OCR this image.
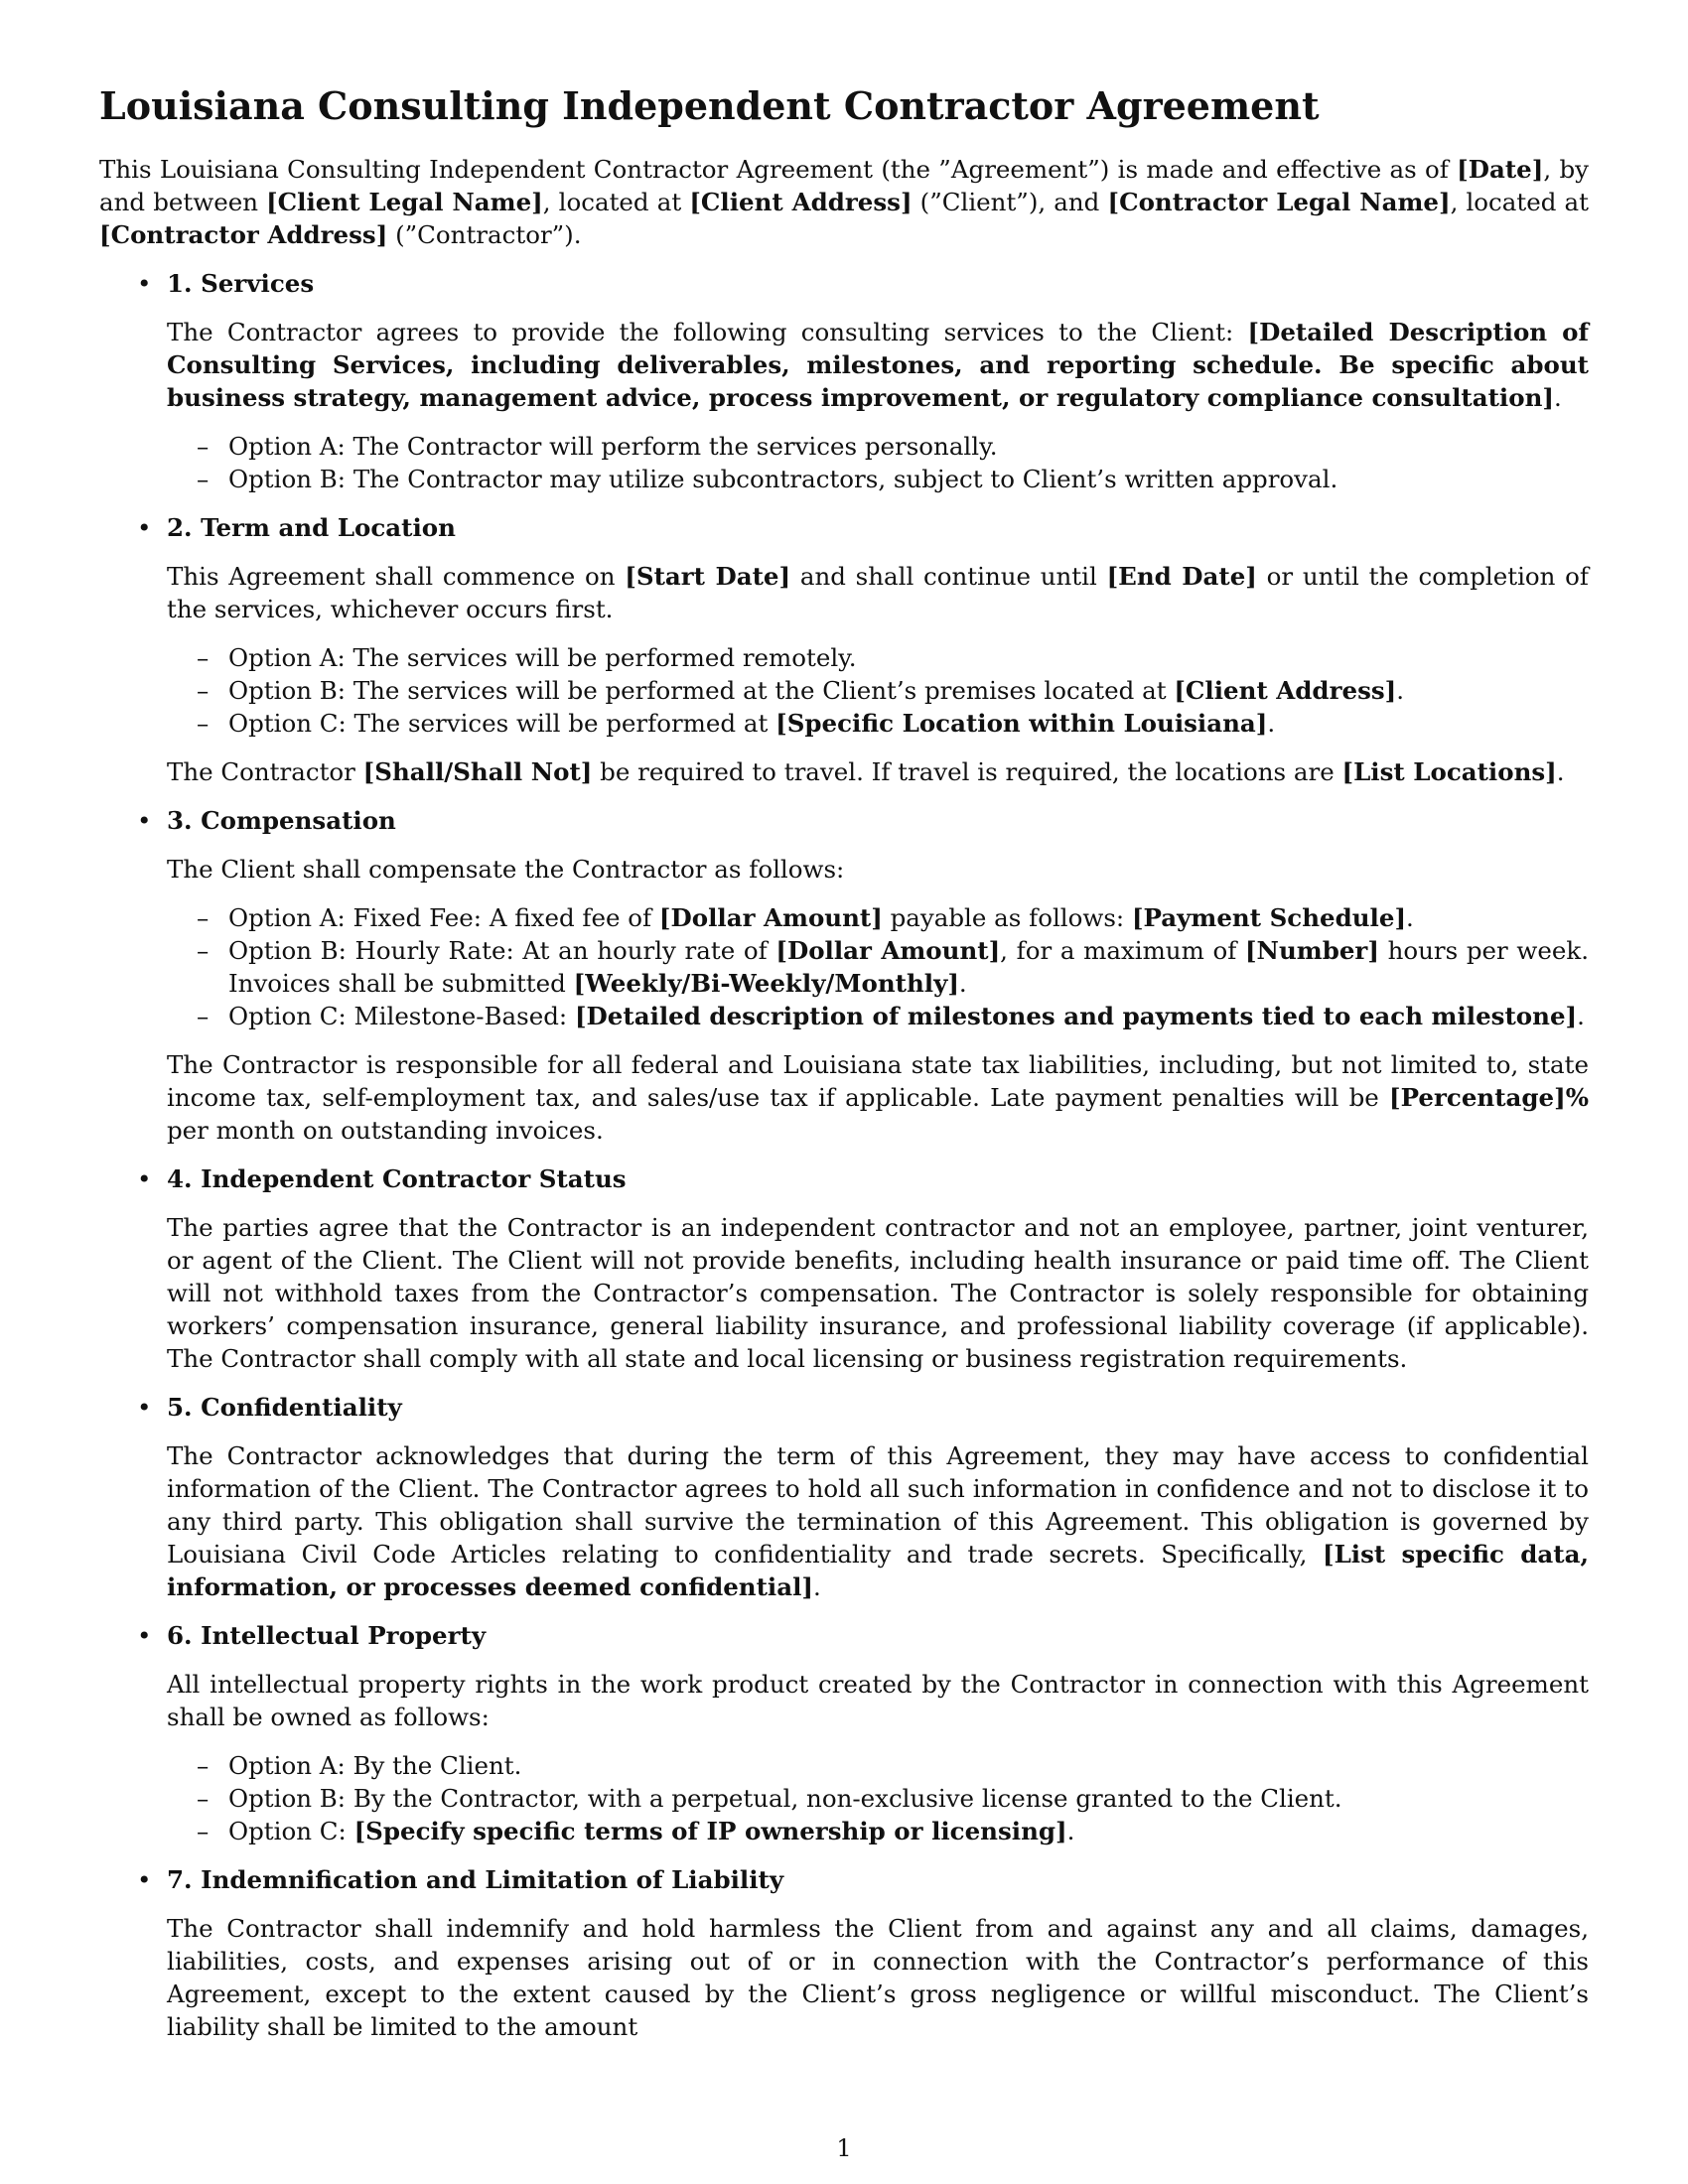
Louisiana Consulting Independent Contractor Agreement

This Louisiana Consulting Independent Contractor Agreement (the ”Agreement”) is made and effective as of [Date], by and between [Client Legal Name], located at [Client Address] (”Client”), and [Contractor Legal Name], located at [Contractor Address] (”Contractor”).

• 1. Services

The Contractor agrees to provide the following consulting services to the Client: [Detailed Description of Consulting Services, including deliverables, milestones, and reporting schedule. Be specific about business strategy, management advice, process improvement, or regulatory compliance consultation].

– Option A: The Contractor will perform the services personally.
– Option B: The Contractor may utilize subcontractors, subject to Client’s written approval.
• 2. Term and Location

This Agreement shall commence on [Start Date] and shall continue until [End Date] or until the completion of the services, whichever occurs first.

– Option A: The services will be performed remotely.
– Option B: The services will be performed at the Client’s premises located at [Client Address].
– Option C: The services will be performed at [Specific Location within Louisiana].

The Contractor [Shall/Shall Not] be required to travel. If travel is required, the locations are [List Locations].

• 3. Compensation

The Client shall compensate the Contractor as follows:

– Option A: Fixed Fee: A fixed fee of [Dollar Amount] payable as follows: [Payment Schedule].
– Option B: Hourly Rate: At an hourly rate of [Dollar Amount], for a maximum of [Number] hours per week. Invoices shall be submitted [Weekly/Bi-Weekly/Monthly].
– Option C: Milestone-Based: [Detailed description of milestones and payments tied to each milestone].

The Contractor is responsible for all federal and Louisiana state tax liabilities, including, but not limited to, state income tax, self-employment tax, and sales/use tax if applicable. Late payment penalties will be [Percentage]% per month on outstanding invoices.

• 4. Independent Contractor Status

The parties agree that the Contractor is an independent contractor and not an employee, partner, joint venturer, or agent of the Client. The Client will not provide benefits, including health insurance or paid time off. The Client will not withhold taxes from the Contractor’s compensation. The Contractor is solely responsible for obtaining workers’ compensation insurance, general liability insurance, and professional liability coverage (if applicable). The Contractor shall comply with all state and local licensing or business registration requirements.

• 5. Confidentiality

The Contractor acknowledges that during the term of this Agreement, they may have access to confidential information of the Client. The Contractor agrees to hold all such information in confidence and not to disclose it to any third party. This obligation shall survive the termination of this Agreement. This obligation is governed by Louisiana Civil Code Articles relating to confidentiality and trade secrets. Specifically, [List specific data, information, or processes deemed confidential].

• 6. Intellectual Property

All intellectual property rights in the work product created by the Contractor in connection with this Agreement shall be owned as follows:

– Option A: By the Client.
– Option B: By the Contractor, with a perpetual, non-exclusive license granted to the Client.
– Option C: [Specify specific terms of IP ownership or licensing].
• 7. Indemnification and Limitation of Liability

The Contractor shall indemnify and hold harmless the Client from and against any and all claims, damages, liabilities, costs, and expenses arising out of or in connection with the Contractor’s performance of this Agreement, except to the extent caused by the Client’s gross negligence or willful misconduct. The Client’s liability shall be limited to the amount

1
